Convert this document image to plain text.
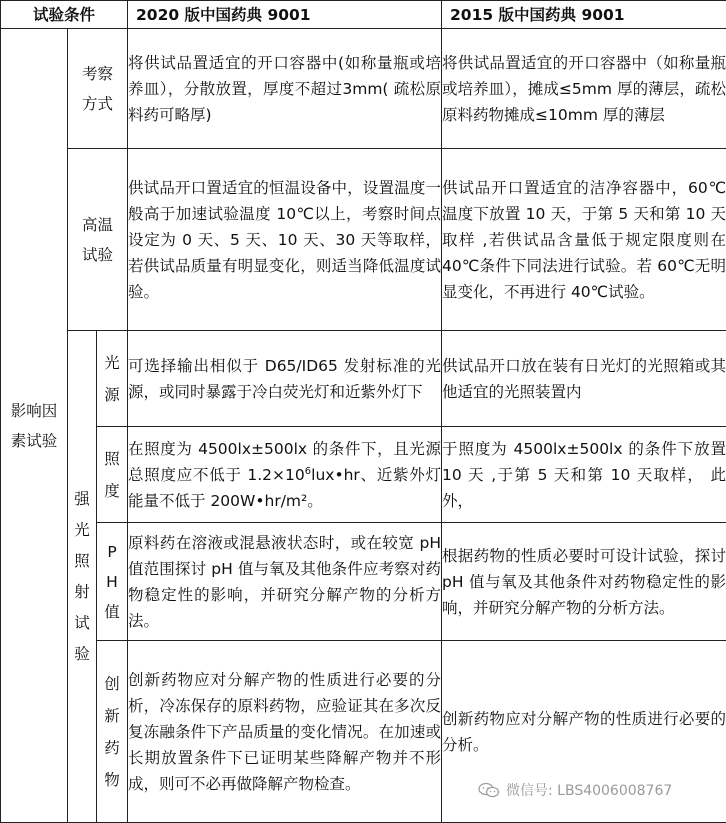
试验条件			2020 版中国药典 9001	2015 版中国药典 9001
影响因素试验	考察方式		将供试品置适宜的开口容器中(如称量瓶或培养皿），分散放置，厚度不超过3mm( 疏松原料药可略厚)	将供试品置适宜的开口容器中（如称量瓶或培养皿），摊成≤5mm 厚的薄层，疏松原料药物摊成≤10mm 厚的薄层
	高温试验		供试品开口置适宜的恒温设备中，设置温度一般高于加速试验温度 10℃以上，考察时间点设定为 0 天、5 天、10 天、30 天等取样，若供试品质量有明显变化，则适当降低温度试验。	供试品开口置适宜的洁净容器中，60℃温度下放置 10 天，于第 5 天和第 10 天取样 ,若供试品含量低于规定限度则在 40℃条件下同法进行试验。若 60℃无明显变化，不再进行 40℃试验。
	强光照射试验	光源	可选择输出相似于 D65/ID65 发射标准的光源，或同时暴露于冷白荧光灯和近紫外灯下	供试品开口放在装有日光灯的光照箱或其他适宜的光照装置内
		照度	在照度为 4500lx±500lx 的条件下，且光源总照度应不低于 $1.2\times 10^6lux•hr$、近紫外灯能量不低于 200W•hr/m²。	于照度为 4500lx±500lx 的条件下放置 10 天 ,于第 5 天和第 10 天取样， 此外，
		PH值	原料药在溶液或混悬液状态时，或在较宽 pH 值范围探讨 pH 值与氧及其他条件应考察对药物稳定性的影响，并研究分解产物的分析方法。	根据药物的性质必要时可设计试验，探讨 pH 值与氧及其他条件对药物稳定性的影响，并研究分解产物的分析方法。
		创新药物	创新药物应对分解产物的性质进行必要的分析，冷冻保存的原料药物，应验证其在多次反复冻融条件下产品质量的变化情况。在加速或长期放置条件下已证明某些降解产物并不形成，则可不必再做降解产物检查。	创新药物应对分解产物的性质进行必要的分析。
微信号: LBS4006008767
